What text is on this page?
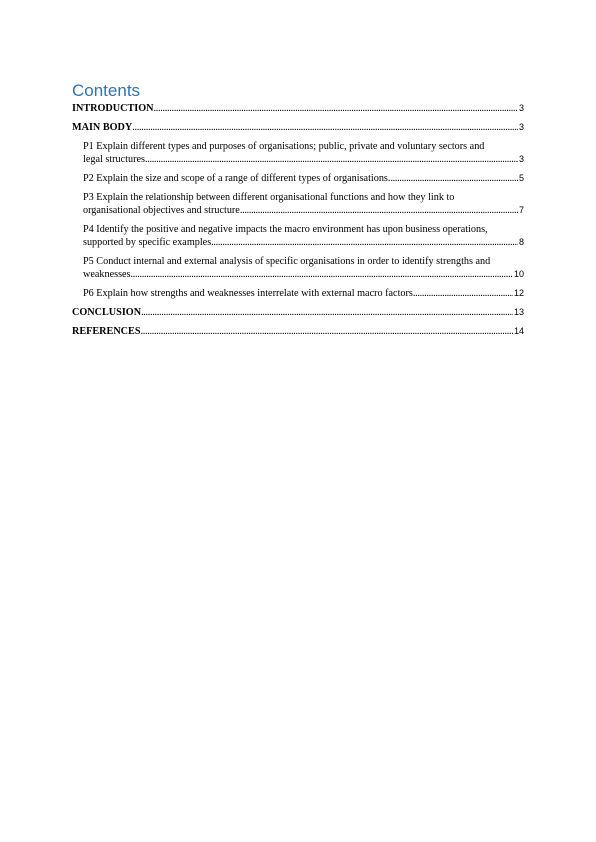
Contents
INTRODUCTION .....	3
MAIN BODY .....	3
P1 Explain different types and purposes of organisations; public, private and voluntary sectors and
legal structures .....	3
P2 Explain the size and scope of a range of different types of organisations. .....	5
P3 Explain the relationship between different organisational functions and how they link to
organisational objectives and structure .....	7
P4 Identify the positive and negative impacts the macro environment has upon business operations,
supported by specific examples .....	8
P5 Conduct internal and external analysis of specific organisations in order to identify strengths and
weaknesses .....	10
P6 Explain how strengths and weaknesses interrelate with external macro factors .....	12
CONCLUSION .....	13
REFERENCES .....	14
